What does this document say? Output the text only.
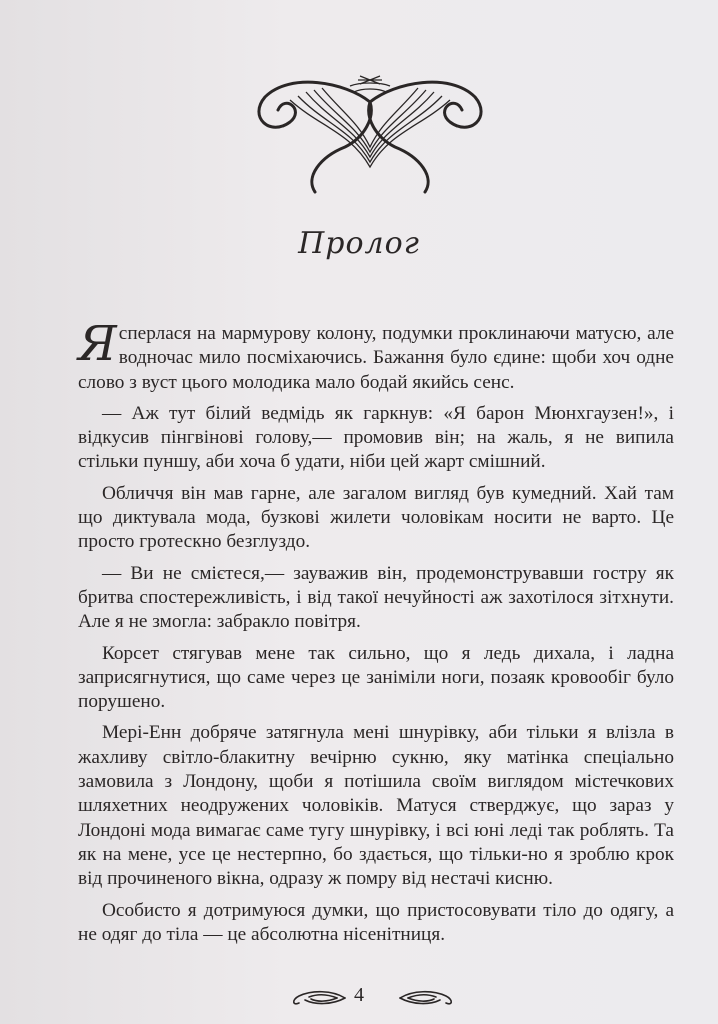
Пролог

Я сперлася на мармурову колону, подумки проклинаючи матусю, але водночас мило посміхаючись. Бажання було єдине: щоби хоч одне слово з вуст цього молодика мало бодай якийсь сенс.

— Аж тут білий ведмідь як гаркнув: «Я барон Мюнхгаузен!», і відкусив пінгвінові голову,— промовив він; на жаль, я не випила стільки пуншу, аби хоча б удати, ніби цей жарт смішний.

Обличчя він мав гарне, але загалом вигляд був кумедний. Хай там що диктувала мода, бузкові жилети чоловікам носити не варто. Це просто гротескно безглуздо.

— Ви не смієтеся,— зауважив він, продемонструвавши гостру як бритва спостережливість, і від такої нечуйності аж захотілося зітхнути. Але я не змогла: забракло повітря.

Корсет стягував мене так сильно, що я ледь дихала, і ладна заприсягнутися, що саме через це заніміли ноги, позаяк кровообіг було порушено.

Мері-Енн добряче затягнула мені шнурівку, аби тільки я влізла в жахливу світло-блакитну вечірню сукню, яку матінка спеціально замовила з Лондону, щоби я потішила своїм виглядом містечкових шляхетних неодружених чоловіків. Матуся стверджує, що зараз у Лондоні мода вимагає саме тугу шнурівку, і всі юні леді так роблять. Та як на мене, усе це нестерпно, бо здається, що тільки-но я зроблю крок від прочиненого вікна, одразу ж помру від нестачі кисню.

Особисто я дотримуюся думки, що пристосовувати тіло до одягу, а не одяг до тіла — це абсолютна нісенітниця.

4
